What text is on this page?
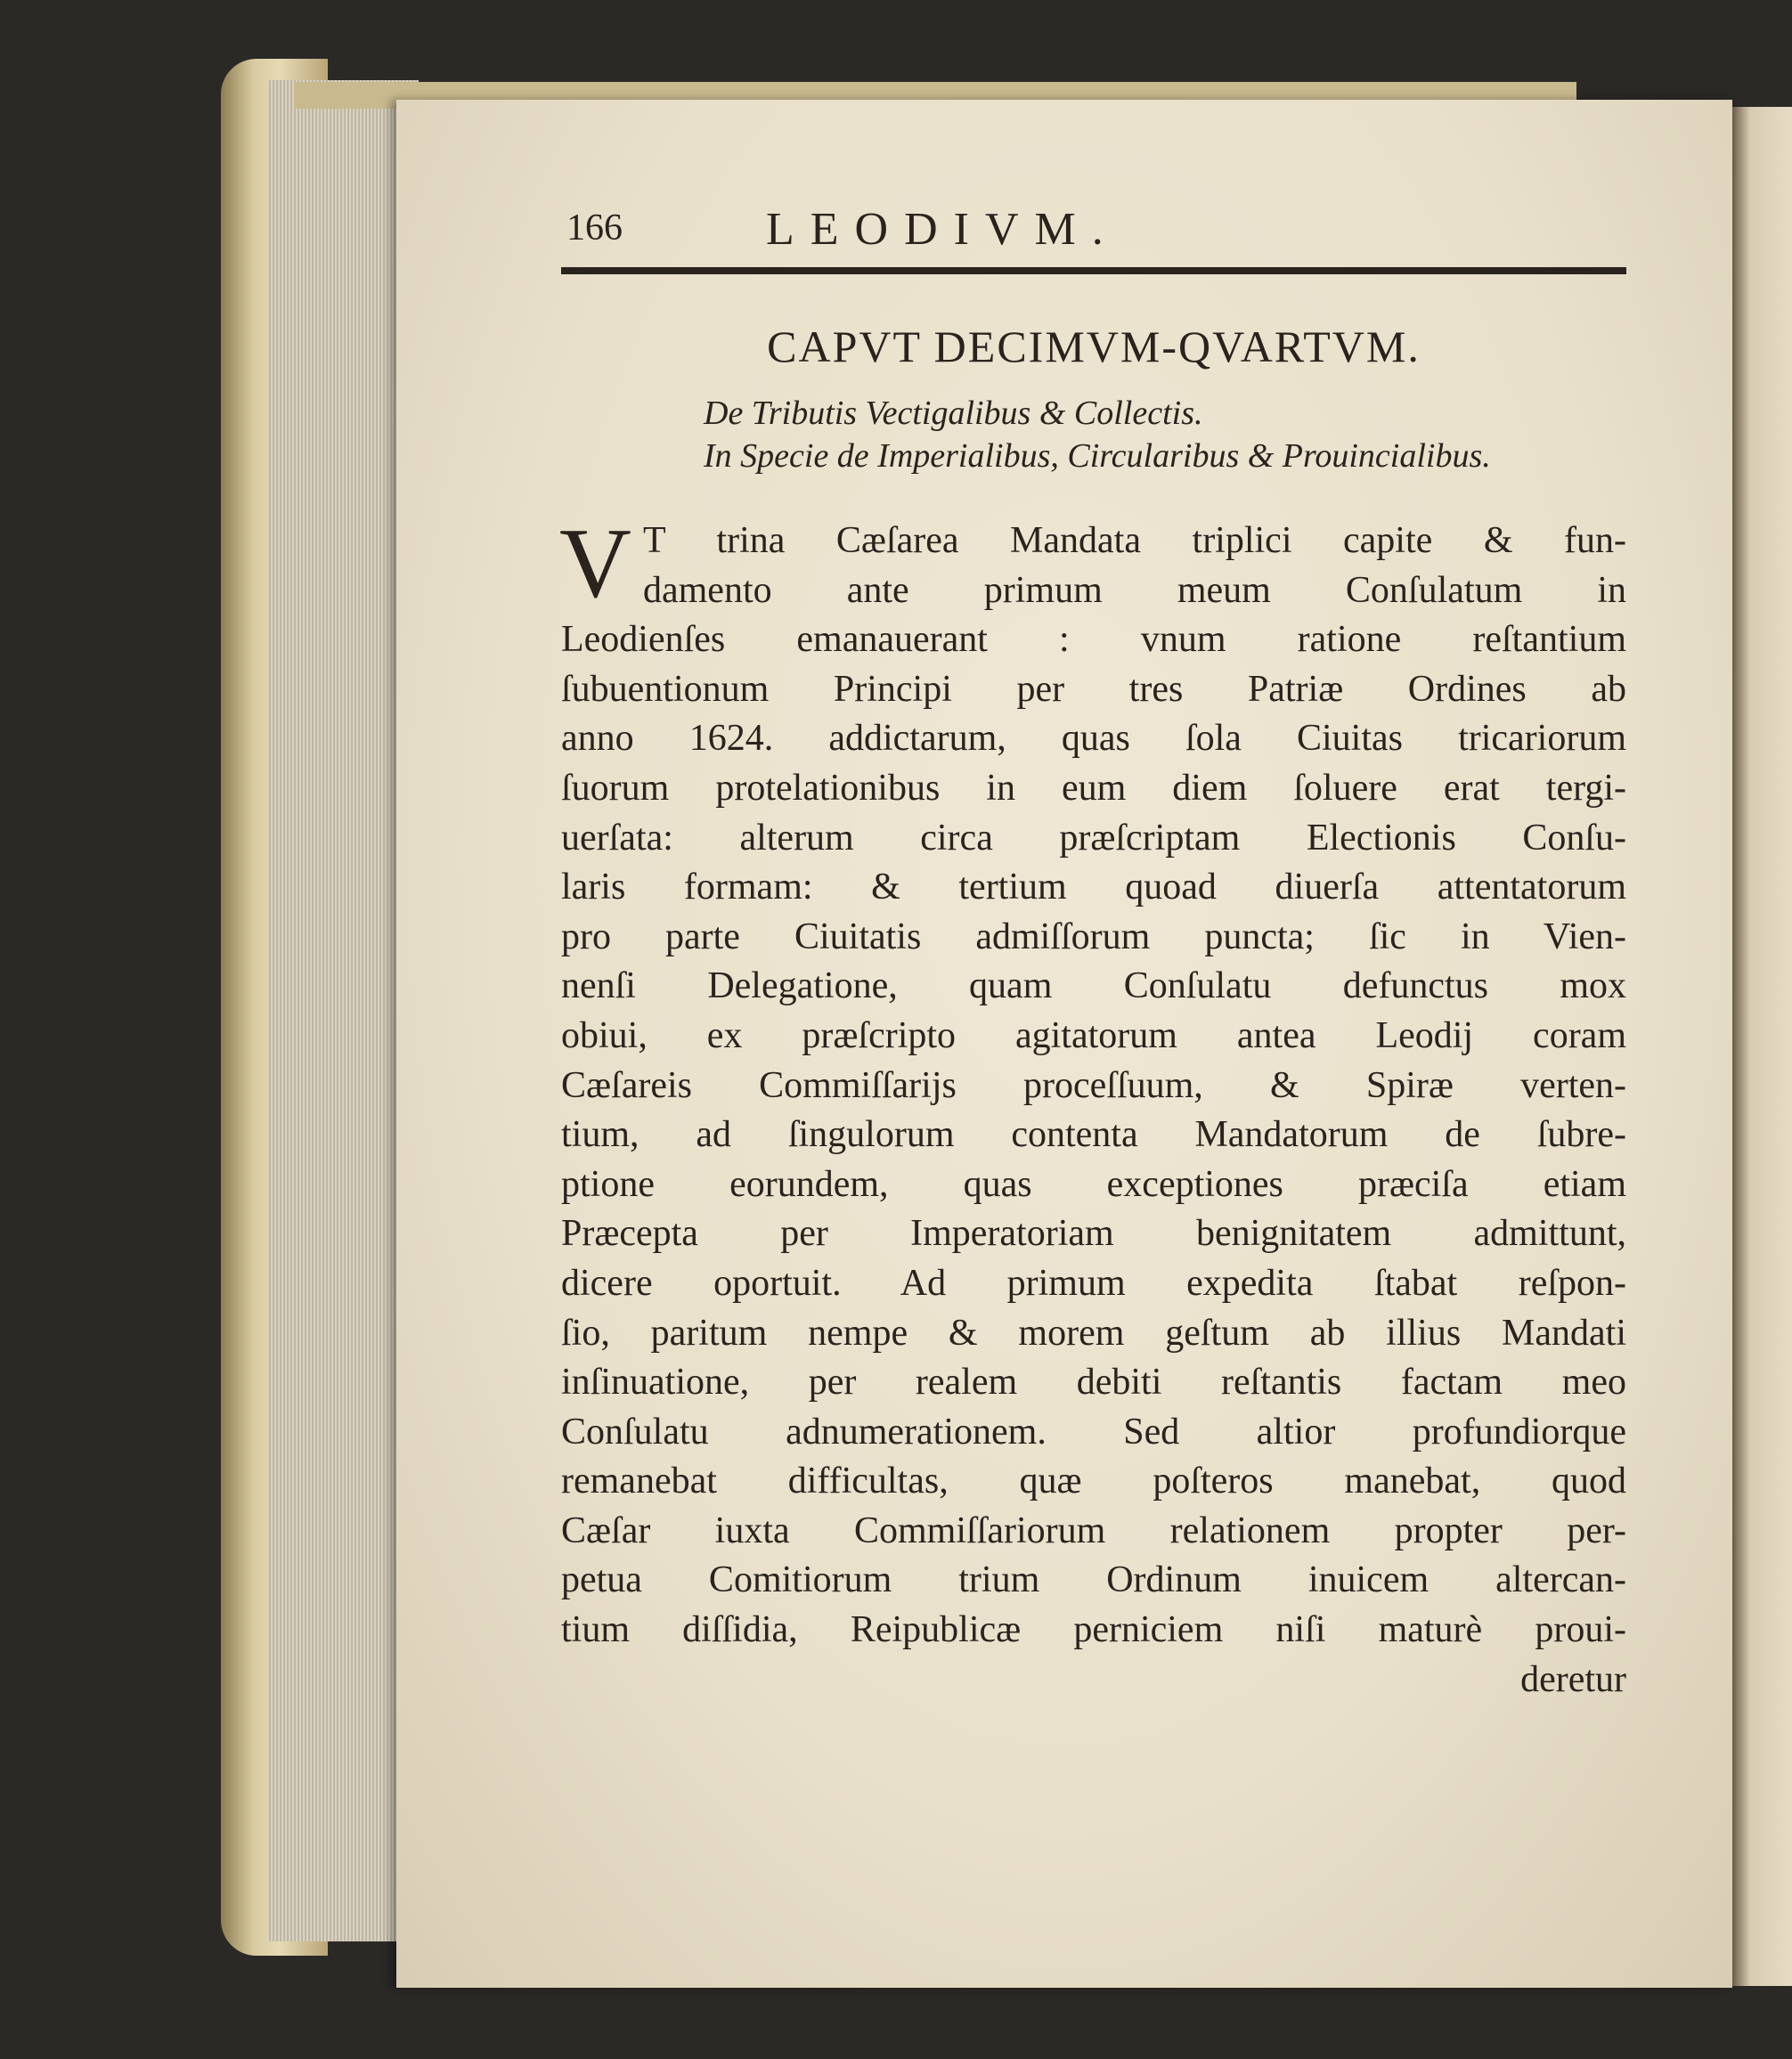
166	LEODIVM.
CAPVT DECIMVM-QVARTVM.
De Tributis Vectigalibus & Collectis.
In Specie de Imperialibus, Circularibus & Prouincialibus.
V T trina Cæſarea Mandata triplici capite & fun-
damento ante primum meum Conſulatum in
Leodienſes emanauerant : vnum ratione reſtantium
ſubuentionum Principi per tres Patriæ Ordines ab
anno 1624. addictarum, quas ſola Ciuitas tricariorum
ſuorum protelationibus in eum diem ſoluere erat tergi-
uerſata: alterum circa præſcriptam Electionis Conſu-
laris formam: & tertium quoad diuerſa attentatorum
pro parte Ciuitatis admiſſorum puncta; ſic in Vien-
nenſi Delegatione, quam Conſulatu defunctus mox
obiui, ex præſcripto agitatorum antea Leodij coram
Cæſareis Commiſſarijs proceſſuum, & Spiræ verten-
tium, ad ſingulorum contenta Mandatorum de ſubre-
ptione eorundem, quas exceptiones præciſa etiam
Præcepta per Imperatoriam benignitatem admittunt,
dicere oportuit. Ad primum expedita ſtabat reſpon-
ſio, paritum nempe & morem geſtum ab illius Mandati
inſinuatione, per realem debiti reſtantis factam meo
Conſulatu adnumerationem. Sed altior profundiorque
remanebat difficultas, quæ poſteros manebat, quod
Cæſar iuxta Commiſſariorum relationem propter per-
petua Comitiorum trium Ordinum inuicem altercan-
tium diſſidia, Reipublicæ perniciem niſi maturè proui-
deretur
